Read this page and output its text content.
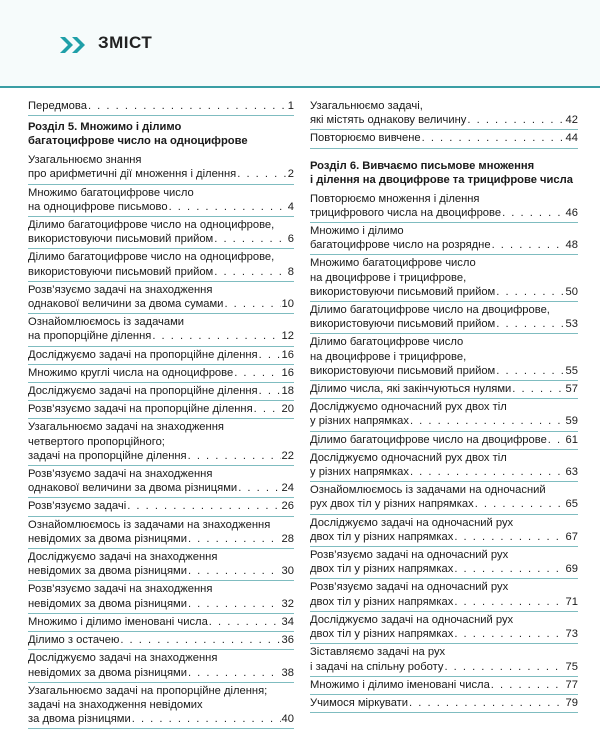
ЗМІСТ
Передмова . . .	1
Розділ 5. Множимо і ділимо
багатоцифрове число на одноцифрове
Узагальнюємо знання
про арифметичні дії множення і ділення . . .	2
Множимо багатоцифрове число
на одноцифрове письмово . . .	4
Ділимо багатоцифрове число на одноцифрове,
використовуючи письмовий прийом . . .	6
Ділимо багатоцифрове число на одноцифрове,
використовуючи письмовий прийом . . .	8
Розв’язуємо задачі на знаходження
однакової величини за двома сумами . . .	10
Ознайомлюємось із задачами
на пропорційне ділення . . .	12
Досліджуємо задачі на пропорційне ділення . . . 16
Множимо круглі числа на одноцифрове . . .	16
Досліджуємо задачі на пропорційне ділення . . . 18
Розв’язуємо задачі на пропорційне ділення . . .	20
Узагальнюємо задачі на знаходження
четвертого пропорційного;
задачі на пропорційне ділення . . .	22
Розв’язуємо задачі на знаходження
однакової величини за двома різницями . . .	24
Розв’язуємо задачі . . .	26
Ознайомлюємось із задачами на знаходження
невідомих за двома різницями . . .	28
Досліджуємо задачі на знаходження
невідомих за двома різницями . . .	30
Розв’язуємо задачі на знаходження
невідомих за двома різницями . . .	32
Множимо і ділимо іменовані числа . . .	34
Ділимо з остачею . . .	36
Досліджуємо задачі на знаходження
невідомих за двома різницями . . .	38
Узагальнюємо задачі на пропорційне ділення;
задачі на знаходження невідомих
за двома різницями . . .	40
Узагальнюємо задачі,
які містять однакову величину . . .	42
Повторюємо вивчене . . .	44
Розділ 6. Вивчаємо письмове множення
і ділення на двоцифрове та трицифрове числа
Повторюємо множення і ділення
трицифрового числа на двоцифрове . . .	46
Множимо і ділимо
багатоцифрове число на розрядне . . .	48
Множимо багатоцифрове число
на двоцифрове і трицифрове,
використовуючи письмовий прийом . . .	50
Ділимо багатоцифрове число на двоцифрове,
використовуючи письмовий прийом . . .	53
Ділимо багатоцифрове число
на двоцифрове і трицифрове,
використовуючи письмовий прийом . . .	55
Ділимо числа, які закінчуються нулями . . .	57
Досліджуємо одночасний рух двох тіл
у різних напрямках . . .	59
Ділимо багатоцифрове число на двоцифрове . . . 61
Досліджуємо одночасний рух двох тіл
у різних напрямках . . .	63
Ознайомлюємось із задачами на одночасний
рух двох тіл у різних напрямках . . .	65
Досліджуємо задачі на одночасний рух
двох тіл у різних напрямках . . .	67
Розв’язуємо задачі на одночасний рух
двох тіл у різних напрямках . . .	69
Розв’язуємо задачі на одночасний рух
двох тіл у різних напрямках . . .	71
Досліджуємо задачі на одночасний рух
двох тіл у різних напрямках . . .	73
Зіставляємо задачі на рух
і задачі на спільну роботу . . .	75
Множимо і ділимо іменовані числа . . .	77
Учимося міркувати . . .	79
